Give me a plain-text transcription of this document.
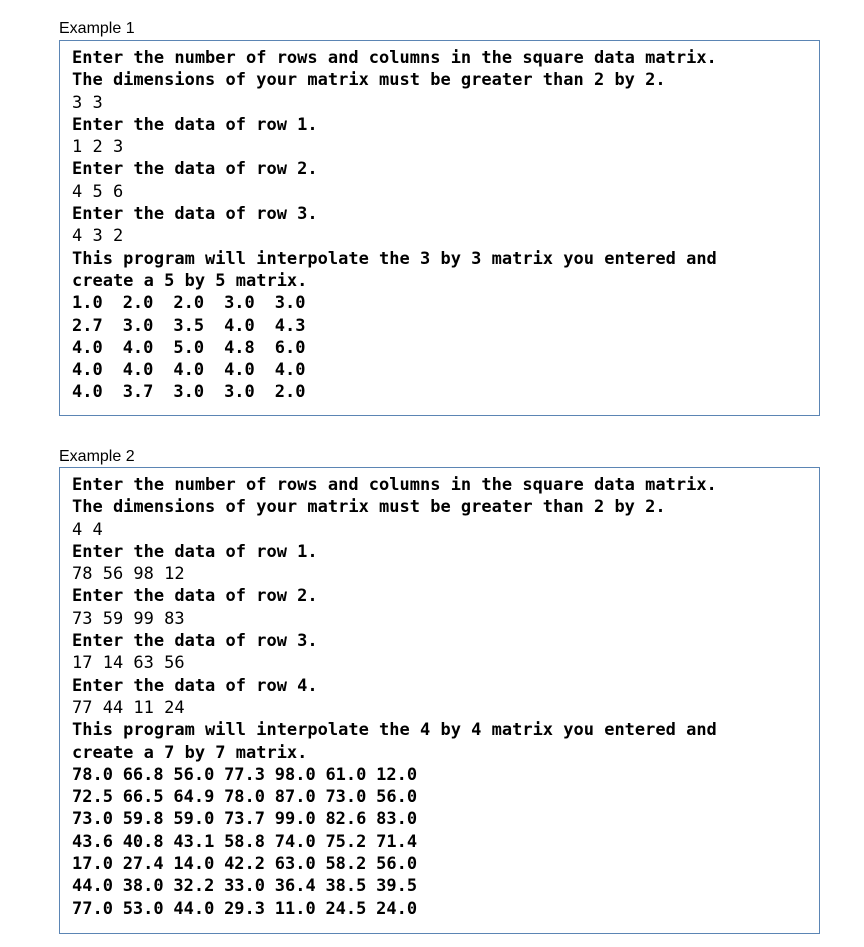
Example 1
Enter the number of rows and columns in the square data matrix.
The dimensions of your matrix must be greater than 2 by 2.
3 3
Enter the data of row 1.
1 2 3
Enter the data of row 2.
4 5 6
Enter the data of row 3.
4 3 2
This program will interpolate the 3 by 3 matrix you entered and
create a 5 by 5 matrix.
1.0 2.0 2.0 3.0 3.0
2.7 3.0 3.5 4.0 4.3
4.0 4.0 5.0 4.8 6.0
4.0 4.0 4.0 4.0 4.0
4.0 3.7 3.0 3.0 2.0
Example 2
Enter the number of rows and columns in the square data matrix.
The dimensions of your matrix must be greater than 2 by 2.
4 4
Enter the data of row 1.
78 56 98 12
Enter the data of row 2.
73 59 99 83
Enter the data of row 3.
17 14 63 56
Enter the data of row 4.
77 44 11 24
This program will interpolate the 4 by 4 matrix you entered and
create a 7 by 7 matrix.
78.0 66.8 56.0 77.3 98.0 61.0 12.0
72.5 66.5 64.9 78.0 87.0 73.0 56.0
73.0 59.8 59.0 73.7 99.0 82.6 83.0
43.6 40.8 43.1 58.8 74.0 75.2 71.4
17.0 27.4 14.0 42.2 63.0 58.2 56.0
44.0 38.0 32.2 33.0 36.4 38.5 39.5
77.0 53.0 44.0 29.3 11.0 24.5 24.0
